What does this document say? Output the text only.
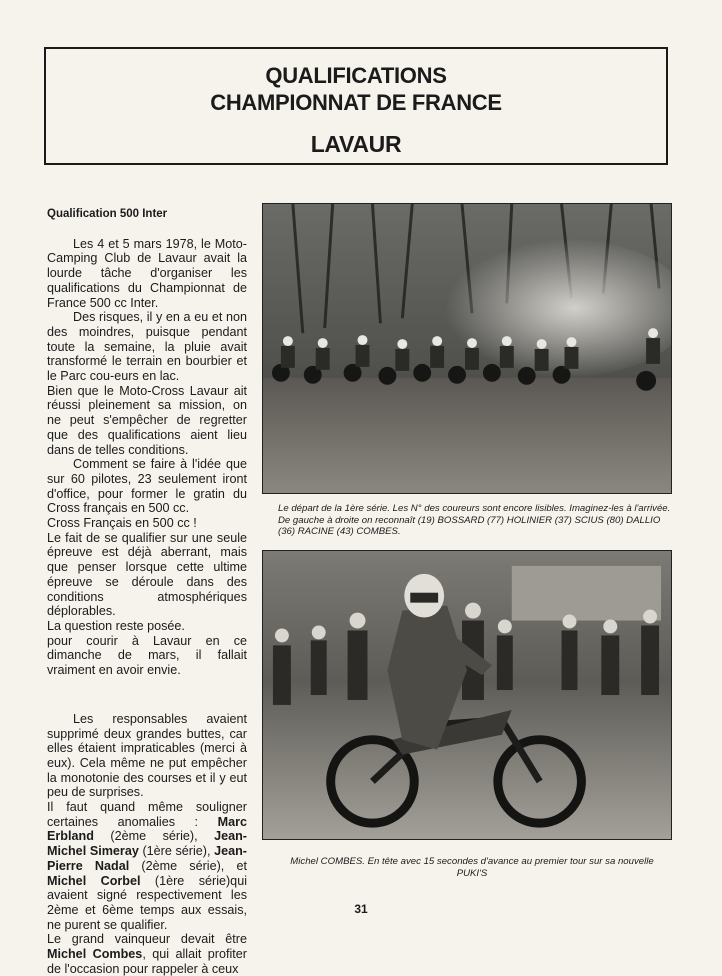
QUALIFICATIONS
CHAMPIONNAT DE FRANCE
LAVAUR
Qualification 500 Inter

Les 4 et 5 mars 1978, le Moto-Camping Club de Lavaur avait la lourde tâche d'organiser les qualifications du Championnat de France 500 cc Inter.

Des risques, il y en a eu et non des moindres, puisque pendant toute la semaine, la pluie avait transformé le terrain en bourbier et le Parc cou‑eurs en lac.

Bien que le Moto-Cross Lavaur ait réussi pleinement sa mission, on ne peut s'empêcher de regretter que des qualifications aient lieu dans de telles conditions.

Comment se faire à l'idée que sur 60 pilotes, 23 seulement iront d'office, pour former le gratin du Cross français en 500 cc.

Cross Français en 500 cc !

Le fait de se qualifier sur une seule épreuve est déjà aberrant, mais que penser lorsque cette ultime épreuve se déroule dans des conditions atmosphériques déplorables.

La question reste posée.

pour courir à Lavaur en ce dimanche de mars, il fallait vraiment en avoir envie.

Les responsables avaient supprimé deux grandes buttes, car elles étaient impraticables (merci à eux). Cela même ne put empêcher la monotonie des courses et il y eut peu de surprises.

Il faut quand même souligner certaines anomalies : Marc Erbland (2ème série), Jean-Michel Simeray (1ère série), Jean-Pierre Nadal (2ème série), et Michel Corbel (1ère série)qui avaient signé respectivement les 2ème et 6ème temps aux essais, ne purent se qualifier.

Le grand vainqueur devait être Michel Combes, qui allait profiter de l'occasion pour rappeler à ceux

Le départ de la 1ère série. Les N° des coureurs sont encore lisibles. Imaginez-les à l'arrivée. De gauche à droite on reconnaît (19) BOSSARD (77) HOLINIER (37) SCIUS (80) DALLIO (36) RACINE (43) COMBES.
Michel COMBES. En tête avec 15 secondes d'avance au premier tour sur sa nouvelle PUKI'S
31
